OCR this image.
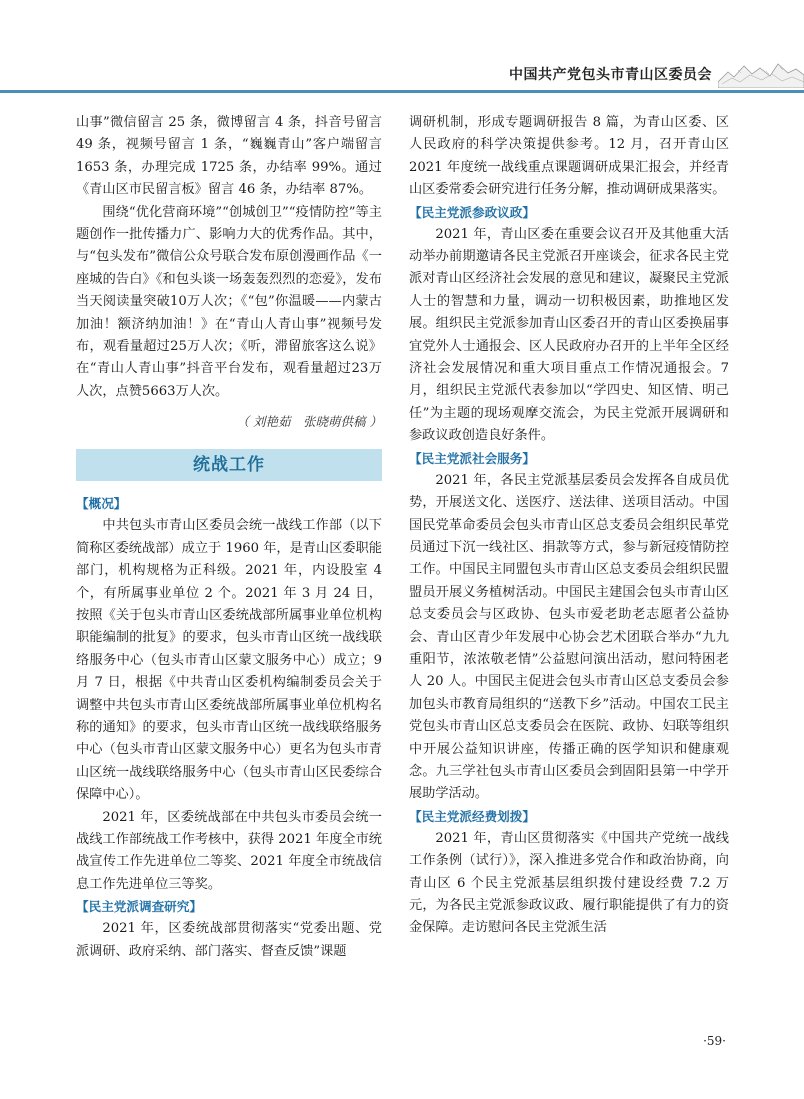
中国共产党包头市青山区委员会

山事”微信留言 25 条，微博留言 4 条，抖音号留言 49 条，视频号留言 1 条，“巍巍青山”客户端留言 1653 条，办理完成 1725 条，办结率 99%。通过《青山区市民留言板》留言 46 条，办结率 87%。

围绕“优化营商环境”“创城创卫”“疫情防控”等主题创作一批传播力广、影响力大的优秀作品。其中，与“包头发布”微信公众号联合发布原创漫画作品《一座城的告白》《和包头谈一场轰轰烈烈的恋爱》，发布当天阅读量突破10万人次；《“包”你温暖——内蒙古加油！额济纳加油！》在“青山人青山事”视频号发布，观看量超过25万人次；《听，滞留旅客这么说》在“青山人青山事”抖音平台发布，观看量超过23万人次，点赞5663万人次。

（ 刘艳茹　张晓萌供稿 ）
统战工作
【概况】

中共包头市青山区委员会统一战线工作部（以下简称区委统战部）成立于 1960 年，是青山区委职能部门，机构规格为正科级。2021 年，内设股室 4 个，有所属事业单位 2 个。2021 年 3 月 24 日，按照《关于包头市青山区委统战部所属事业单位机构职能编制的批复》的要求，包头市青山区统一战线联络服务中心（包头市青山区蒙文服务中心）成立；9 月 7 日，根据《中共青山区委机构编制委员会关于调整中共包头市青山区委统战部所属事业单位机构名称的通知》的要求，包头市青山区统一战线联络服务中心（包头市青山区蒙文服务中心）更名为包头市青山区统一战线联络服务中心（包头市青山区民委综合保障中心）。

2021 年，区委统战部在中共包头市委员会统一战线工作部统战工作考核中，获得 2021 年度全市统战宣传工作先进单位二等奖、2021 年度全市统战信息工作先进单位三等奖。

【民主党派调查研究】

2021 年，区委统战部贯彻落实“党委出题、党派调研、政府采纳、部门落实、督查反馈”课题

调研机制，形成专题调研报告 8 篇，为青山区委、区人民政府的科学决策提供参考。12 月，召开青山区 2021 年度统一战线重点课题调研成果汇报会，并经青山区委常委会研究进行任务分解，推动调研成果落实。

【民主党派参政议政】

2021 年，青山区委在重要会议召开及其他重大活动举办前期邀请各民主党派召开座谈会，征求各民主党派对青山区经济社会发展的意见和建议，凝聚民主党派人士的智慧和力量，调动一切积极因素，助推地区发展。组织民主党派参加青山区委召开的青山区委换届事宜党外人士通报会、区人民政府办召开的上半年全区经济社会发展情况和重大项目重点工作情况通报会。7 月，组织民主党派代表参加以“学四史、知区情、明己任”为主题的现场观摩交流会，为民主党派开展调研和参政议政创造良好条件。

【民主党派社会服务】

2021 年，各民主党派基层委员会发挥各自成员优势，开展送文化、送医疗、送法律、送项目活动。中国国民党革命委员会包头市青山区总支委员会组织民革党员通过下沉一线社区、捐款等方式，参与新冠疫情防控工作。中国民主同盟包头市青山区总支委员会组织民盟盟员开展义务植树活动。中国民主建国会包头市青山区总支委员会与区政协、包头市爱老助老志愿者公益协会、青山区青少年发展中心协会艺术团联合举办“九九重阳节，浓浓敬老情”公益慰问演出活动，慰问特困老人 20 人。中国民主促进会包头市青山区总支委员会参加包头市教育局组织的“送教下乡”活动。中国农工民主党包头市青山区总支委员会在医院、政协、妇联等组织中开展公益知识讲座，传播正确的医学知识和健康观念。九三学社包头市青山区委员会到固阳县第一中学开展助学活动。

【民主党派经费划拨】

2021 年，青山区贯彻落实《中国共产党统一战线工作条例（试行）》，深入推进多党合作和政治协商，向青山区 6 个民主党派基层组织拨付建设经费 7.2 万元，为各民主党派参政议政、履行职能提供了有力的资金保障。走访慰问各民主党派生活

·59·
